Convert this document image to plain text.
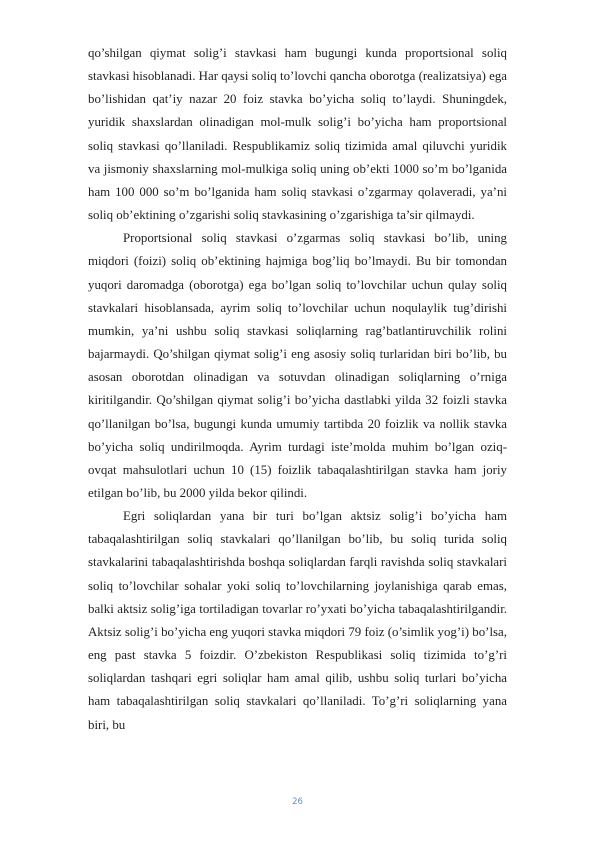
qo’shilgan qiymat solig’i stavkasi ham bugungi kunda proportsional soliq stavkasi hisoblanadi. Har qaysi soliq to’lovchi qancha oborotga (realizatsiya) ega bo’lishidan qat’iy nazar 20 foiz stavka bo’yicha soliq to’laydi. Shuningdek, yuridik shaxslardan olinadigan mol-mulk solig’i bo’yicha ham proportsional soliq stavkasi qo’llaniladi. Respublikamiz soliq tizimida amal qiluvchi yuridik va jismoniy shaxslarning mol-mulkiga soliq uning ob’ekti 1000 so’m bo’lganida ham 100 000 so’m bo’lganida ham soliq stavkasi o’zgarmay qolaveradi, ya’ni soliq ob’ektining o’zgarishi soliq stavkasining o’zgarishiga ta’sir qilmaydi.

Proportsional soliq stavkasi o’zgarmas soliq stavkasi bo’lib, uning miqdori (foizi) soliq ob’ektining hajmiga bog’liq bo’lmaydi. Bu bir tomondan yuqori daromadga (oborotga) ega bo’lgan soliq to’lovchilar uchun qulay soliq stavkalari hisoblansada, ayrim soliq to’lovchilar uchun noqulaylik tug’dirishi mumkin, ya’ni ushbu soliq stavkasi soliqlarning rag’batlantiruvchilik rolini bajarmaydi. Qo’shilgan qiymat solig’i eng asosiy soliq turlaridan biri bo’lib, bu asosan oborotdan olinadigan va sotuvdan olinadigan soliqlarning o’rniga kiritilgandir. Qo’shilgan qiymat solig’i bo’yicha dastlabki yilda 32 foizli stavka qo’llanilgan bo’lsa, bugungi kunda umumiy tartibda 20 foizlik va nollik stavka bo’yicha soliq undirilmoqda. Ayrim turdagi iste’molda muhim bo’lgan oziq- ovqat mahsulotlari uchun 10 (15) foizlik tabaqalashtirilgan stavka ham joriy etilgan bo’lib, bu 2000 yilda bekor qilindi.

Egri soliqlardan yana bir turi bo’lgan aktsiz solig’i bo’yicha ham tabaqalashtirilgan soliq stavkalari qo’llanilgan bo’lib, bu soliq turida soliq stavkalarini tabaqalashtirishda boshqa soliqlardan farqli ravishda soliq stavkalari soliq to’lovchilar sohalar yoki soliq to’lovchilarning joylanishiga qarab emas, balki aktsiz solig’iga tortiladigan tovarlar ro’yxati bo’yicha tabaqalashtirilgandir. Aktsiz solig’i bo’yicha eng yuqori stavka miqdori 79 foiz (o’simlik yog’i) bo’lsa, eng past stavka 5 foizdir. O’zbekiston Respublikasi soliq tizimida to’g’ri soliqlardan tashqari egri soliqlar ham amal qilib, ushbu soliq turlari bo’yicha ham tabaqalashtirilgan soliq stavkalari qo’llaniladi. To’g’ri soliqlarning yana biri, bu

26
